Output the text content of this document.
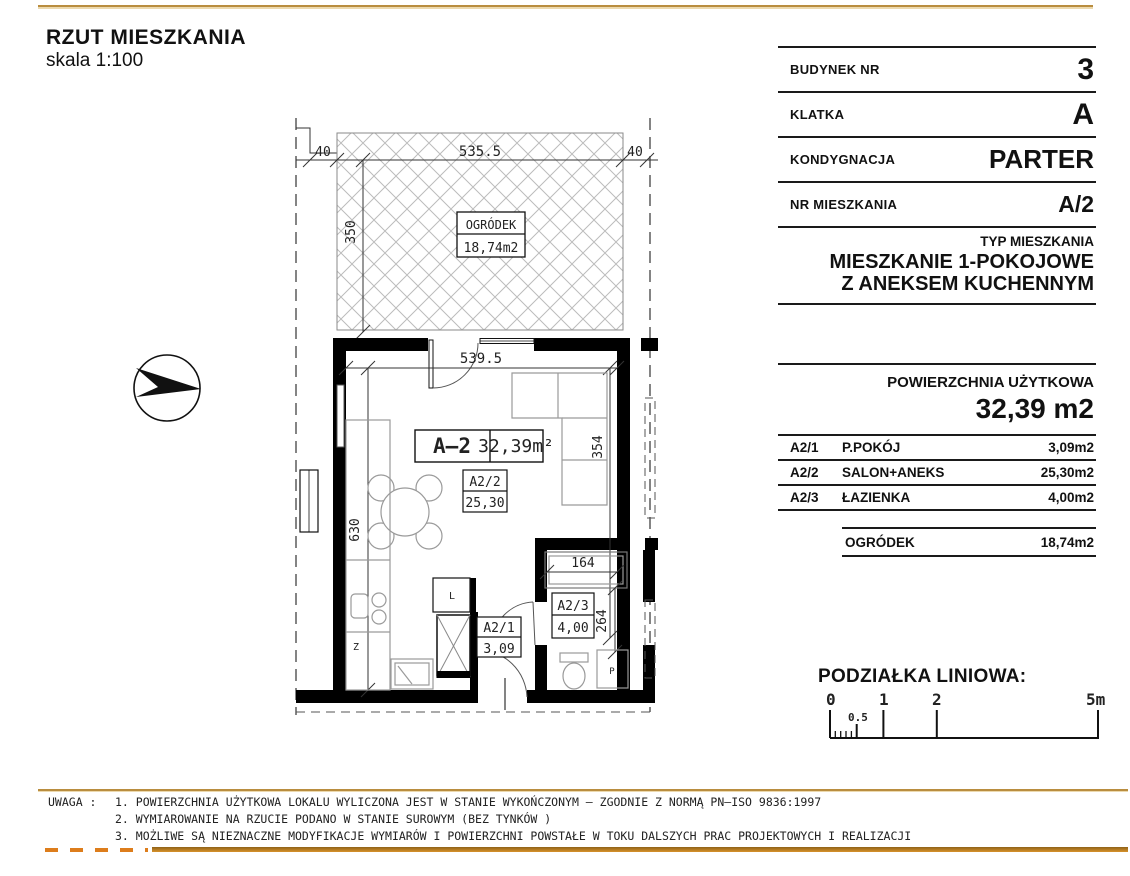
RZUT MIESZKANIA
skala 1:100
OGRÓDEK
18,74m2
40	535.5	40
350
539.5
630
354
Z
L
164
264
P
A–2 32,39m²
A2/2
25,30
A2/1
3,09
A2/3
4,00
BUDYNEK NR	3
KLATKA	A
KONDYGNACJA	PARTER
NR MIESZKANIA	A/2
TYP MIESZKANIA
MIESZKANIE 1-POKOJOWE
Z ANEKSEM KUCHENNYM
POWIERZCHNIA UŻYTKOWA
32,39 m2
A2/1	P.POKÓJ	3,09m2
A2/2	SALON+ANEKS	25,30m2
A2/3	ŁAZIENKA	4,00m2
OGRÓDEK	18,74m2
PODZIAŁKA LINIOWA:
0
0.5
1	2	5m
UWAGA :	1. POWIERZCHNIA UŻYTKOWA LOKALU WYLICZONA JEST W STANIE WYKOŃCZONYM – ZGODNIE Z NORMĄ PN–ISO 9836:1997
2. WYMIAROWANIE NA RZUCIE PODANO W STANIE SUROWYM (BEZ TYNKÓW )
3. MOŻLIWE SĄ NIEZNACZNE MODYFIKACJE WYMIARÓW I POWIERZCHNI POWSTAŁE W TOKU DALSZYCH PRAC PROJEKTOWYCH I REALIZACJI
